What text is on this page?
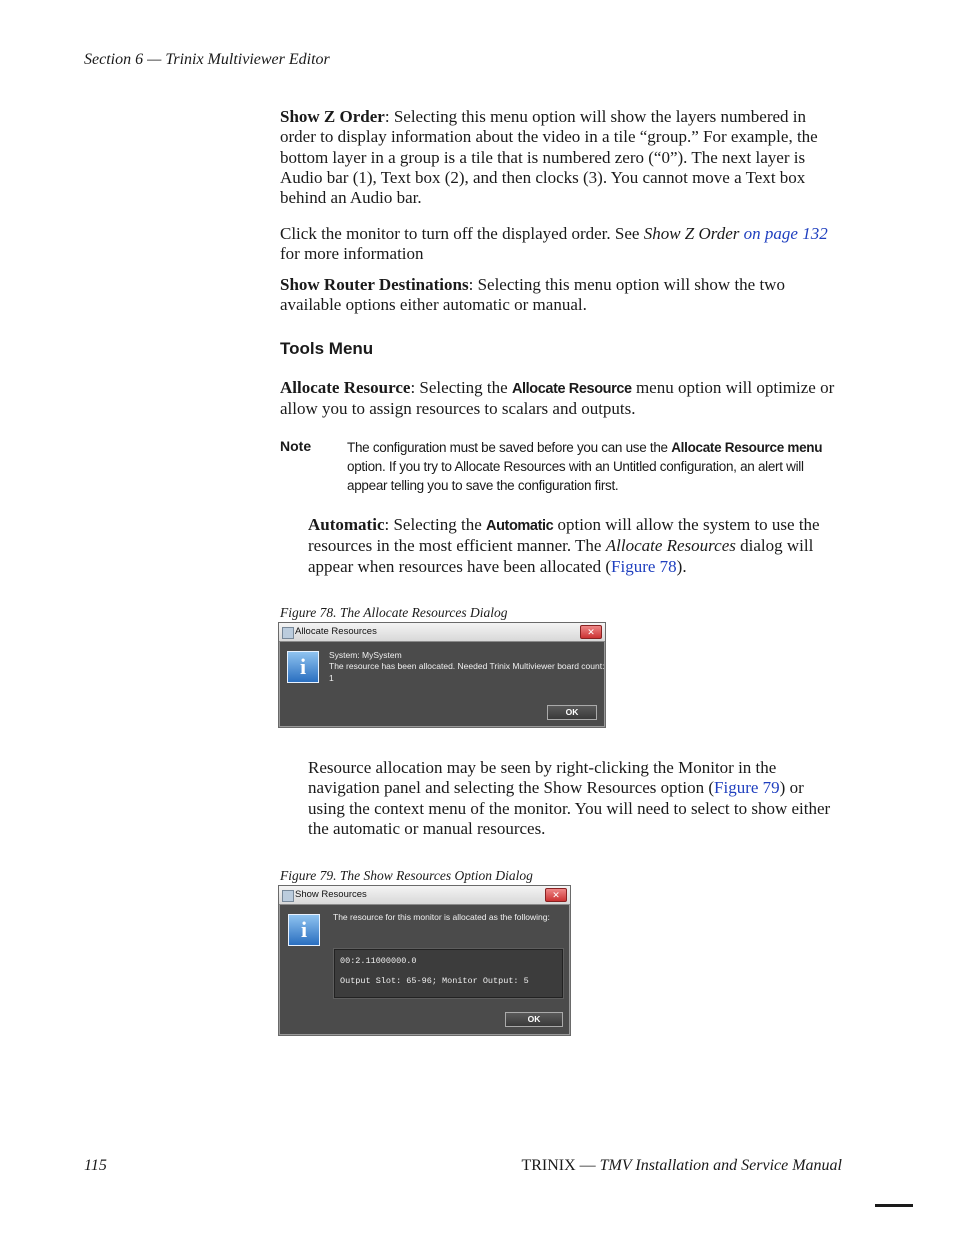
Section 6 — Trinix Multiviewer Editor

Show Z Order: Selecting this menu option will show the layers numbered in order to display information about the video in a tile “group.” For example, the bottom layer in a group is a tile that is numbered zero (“0”). The next layer is Audio bar (1), Text box (2), and then clocks (3). You cannot move a Text box behind an Audio bar.

Click the monitor to turn off the displayed order. See Show Z Order on page 132 for more information

Show Router Destinations: Selecting this menu option will show the two available options either automatic or manual.

Tools Menu

Allocate Resource: Selecting the Allocate Resource menu option will optimize or allow you to assign resources to scalars and outputs.

Note	The configuration must be saved before you can use the Allocate Resource menu option. If you try to Allocate Resources with an Untitled configuration, an alert will appear telling you to save the configuration first.

Automatic: Selecting the Automatic option will allow the system to use the resources in the most efficient manner. The Allocate Resources dialog will appear when resources have been allocated (Figure 78).

Figure 78. The Allocate Resources Dialog
Allocate Resources	✕
i	System: MySystem
The resource has been allocated. Needed Trinix Multiviewer board count: 1
OK

Resource allocation may be seen by right-clicking the Monitor in the navigation panel and selecting the Show Resources option (Figure 79) or using the context menu of the monitor. You will need to select to show either the automatic or manual resources.

Figure 79. The Show Resources Option Dialog
Show Resources	✕
i	The resource for this monitor is allocated as the following:
00:2.11000000.0
Output Slot: 65-96; Monitor Output: 5
OK
115	TRINIX — TMV Installation and Service Manual
